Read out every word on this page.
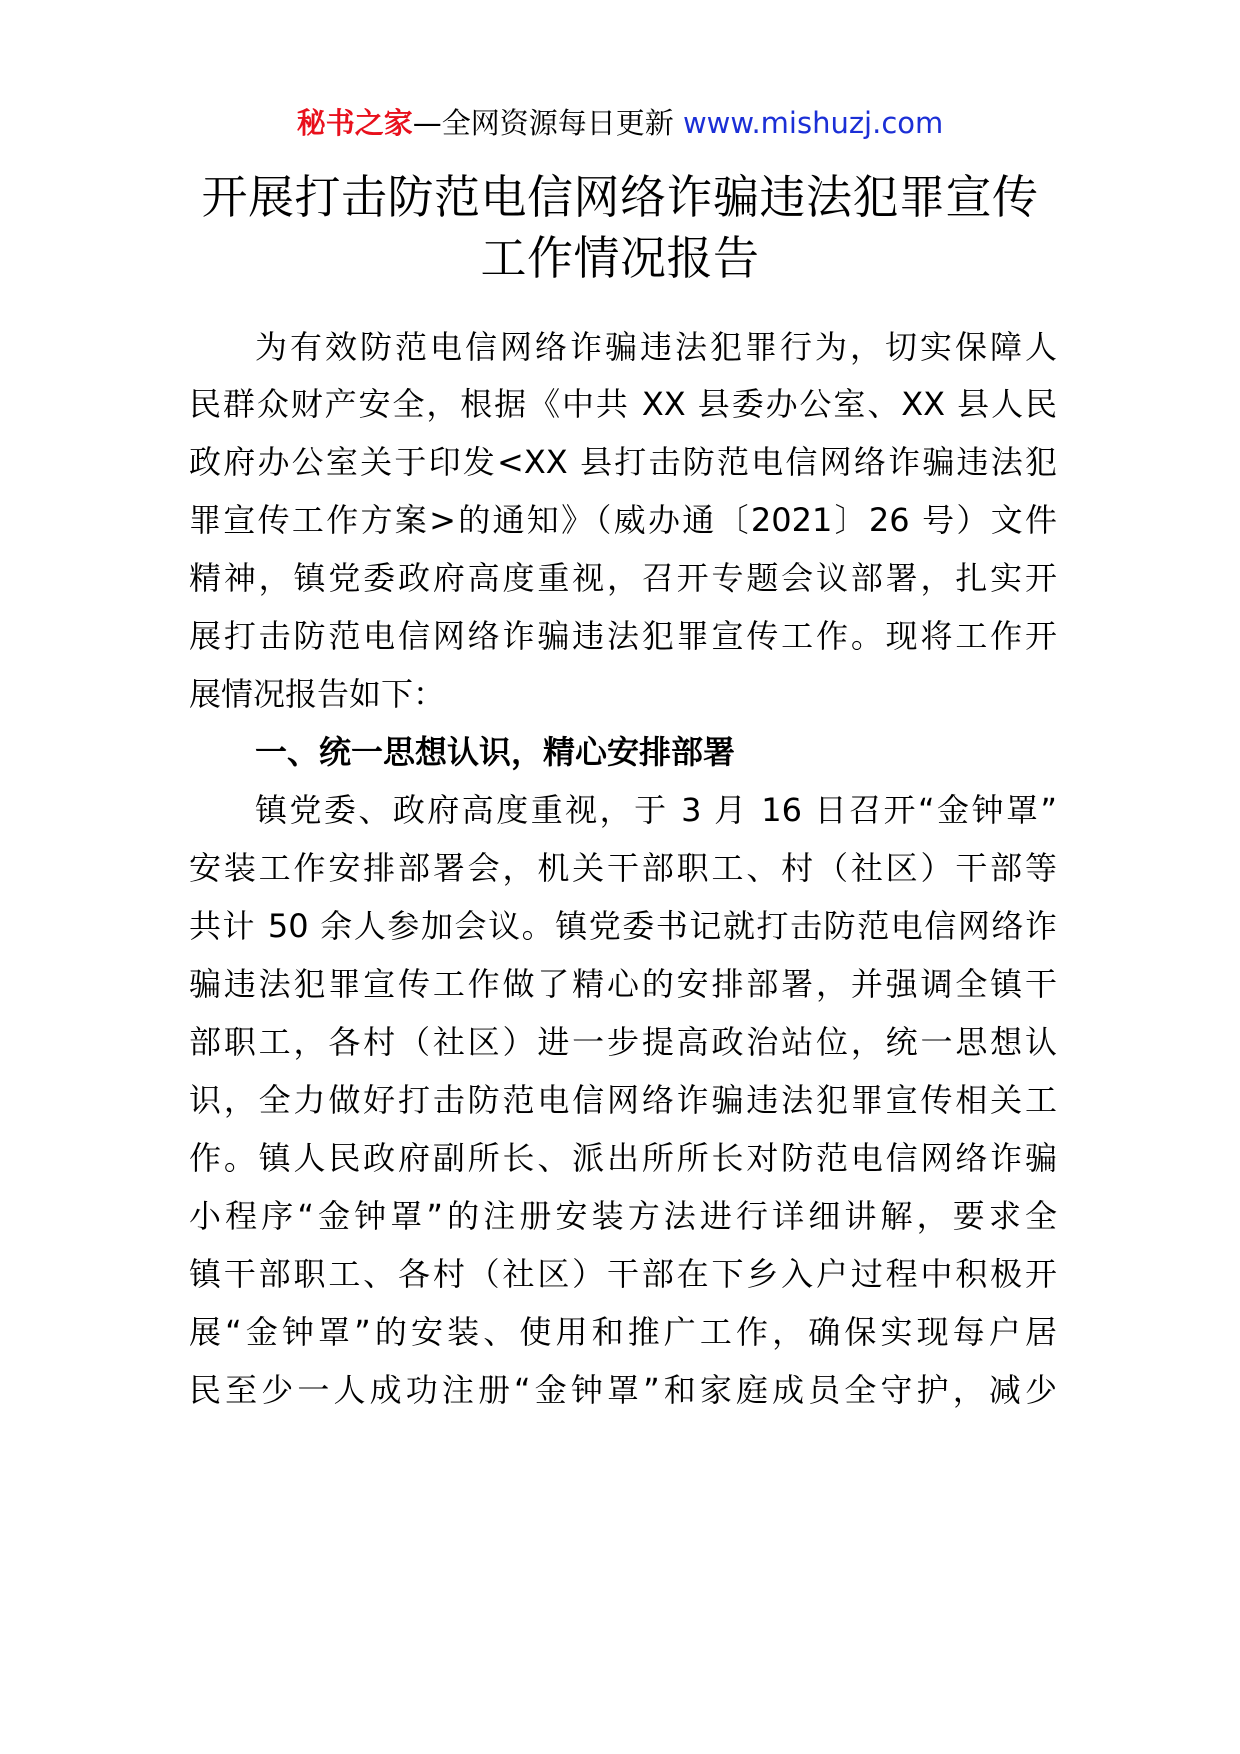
秘书之家—全网资源每日更新 www.mishuzj.com
开展打击防范电信网络诈骗违法犯罪宣传
工作情况报告
为有效防范电信网络诈骗违法犯罪行为，切实保障人
民群众财产安全，根据《中共 XX 县委办公室、XX 县人民
政府办公室关于印发<XX 县打击防范电信网络诈骗违法犯
罪宣传工作方案>的通知》（威办通〔2021〕26 号）文件
精神，镇党委政府高度重视，召开专题会议部署，扎实开
展打击防范电信网络诈骗违法犯罪宣传工作。现将工作开
展情况报告如下：
一、统一思想认识，精心安排部署
镇党委、政府高度重视，于 3 月 16 日召开“金钟罩”
安装工作安排部署会，机关干部职工、村（社区）干部等
共计 50 余人参加会议。镇党委书记就打击防范电信网络诈
骗违法犯罪宣传工作做了精心的安排部署，并强调全镇干
部职工，各村（社区）进一步提高政治站位，统一思想认
识，全力做好打击防范电信网络诈骗违法犯罪宣传相关工
作。镇人民政府副所长、派出所所长对防范电信网络诈骗
小程序“金钟罩”的注册安装方法进行详细讲解，要求全
镇干部职工、各村（社区）干部在下乡入户过程中积极开
展“金钟罩”的安装、使用和推广工作，确保实现每户居
民至少一人成功注册“金钟罩”和家庭成员全守护，减少
